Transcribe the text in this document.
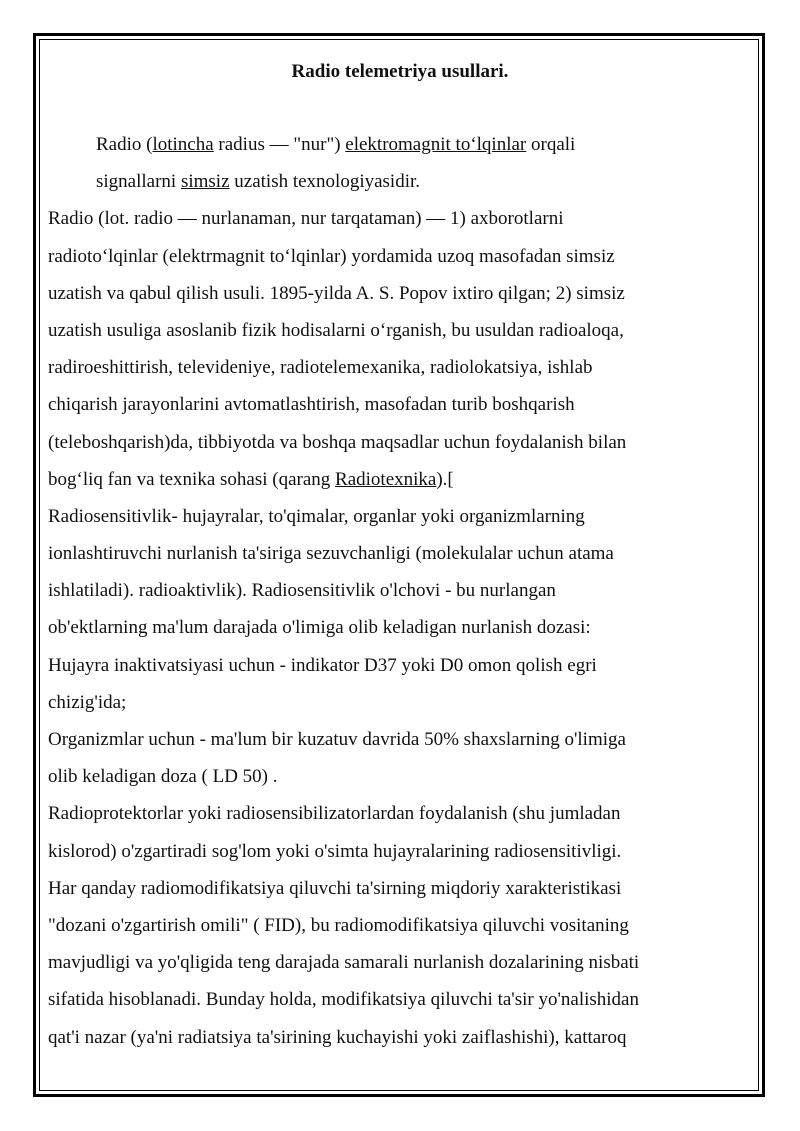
Radio telemetriya usullari.
Radio (lotincha radius — "nur") elektromagnit to‘lqinlar orqali
signallarni simsiz uzatish texnologiyasidir.
Radio (lot. radio — nurlanaman, nur tarqataman) — 1) axborotlarni
radioto‘lqinlar (elektrmagnit to‘lqinlar) yordamida uzoq masofadan simsiz
uzatish va qabul qilish usuli. 1895-yilda A. S. Popov ixtiro qilgan; 2) simsiz
uzatish usuliga asoslanib fizik hodisalarni o‘rganish, bu usuldan radioaloqa,
radiroeshittirish, televideniye, radiotelemexanika, radiolokatsiya, ishlab
chiqarish jarayonlarini avtomatlashtirish, masofadan turib boshqarish
(teleboshqarish)da, tibbiyotda va boshqa maqsadlar uchun foydalanish bilan
bog‘liq fan va texnika sohasi (qarang Radiotexnika).[
Radiosensitivlik- hujayralar, to'qimalar, organlar yoki organizmlarning
ionlashtiruvchi nurlanish ta'siriga sezuvchanligi (molekulalar uchun atama
ishlatiladi). radioaktivlik). Radiosensitivlik o'lchovi - bu nurlangan
ob'ektlarning ma'lum darajada o'limiga olib keladigan nurlanish dozasi:
Hujayra inaktivatsiyasi uchun - indikator D37 yoki D0 omon qolish egri
chizig'ida;
Organizmlar uchun - ma'lum bir kuzatuv davrida 50% shaxslarning o'limiga
olib keladigan doza ( LD 50) .
Radioprotektorlar yoki radiosensibilizatorlardan foydalanish (shu jumladan
kislorod) o'zgartiradi sog'lom yoki o'simta hujayralarining radiosensitivligi.
Har qanday radiomodifikatsiya qiluvchi ta'sirning miqdoriy xarakteristikasi
"dozani o'zgartirish omili" ( FID), bu radiomodifikatsiya qiluvchi vositaning
mavjudligi va yo'qligida teng darajada samarali nurlanish dozalarining nisbati
sifatida hisoblanadi. Bunday holda, modifikatsiya qiluvchi ta'sir yo'nalishidan
qat'i nazar (ya'ni radiatsiya ta'sirining kuchayishi yoki zaiflashishi), kattaroq
